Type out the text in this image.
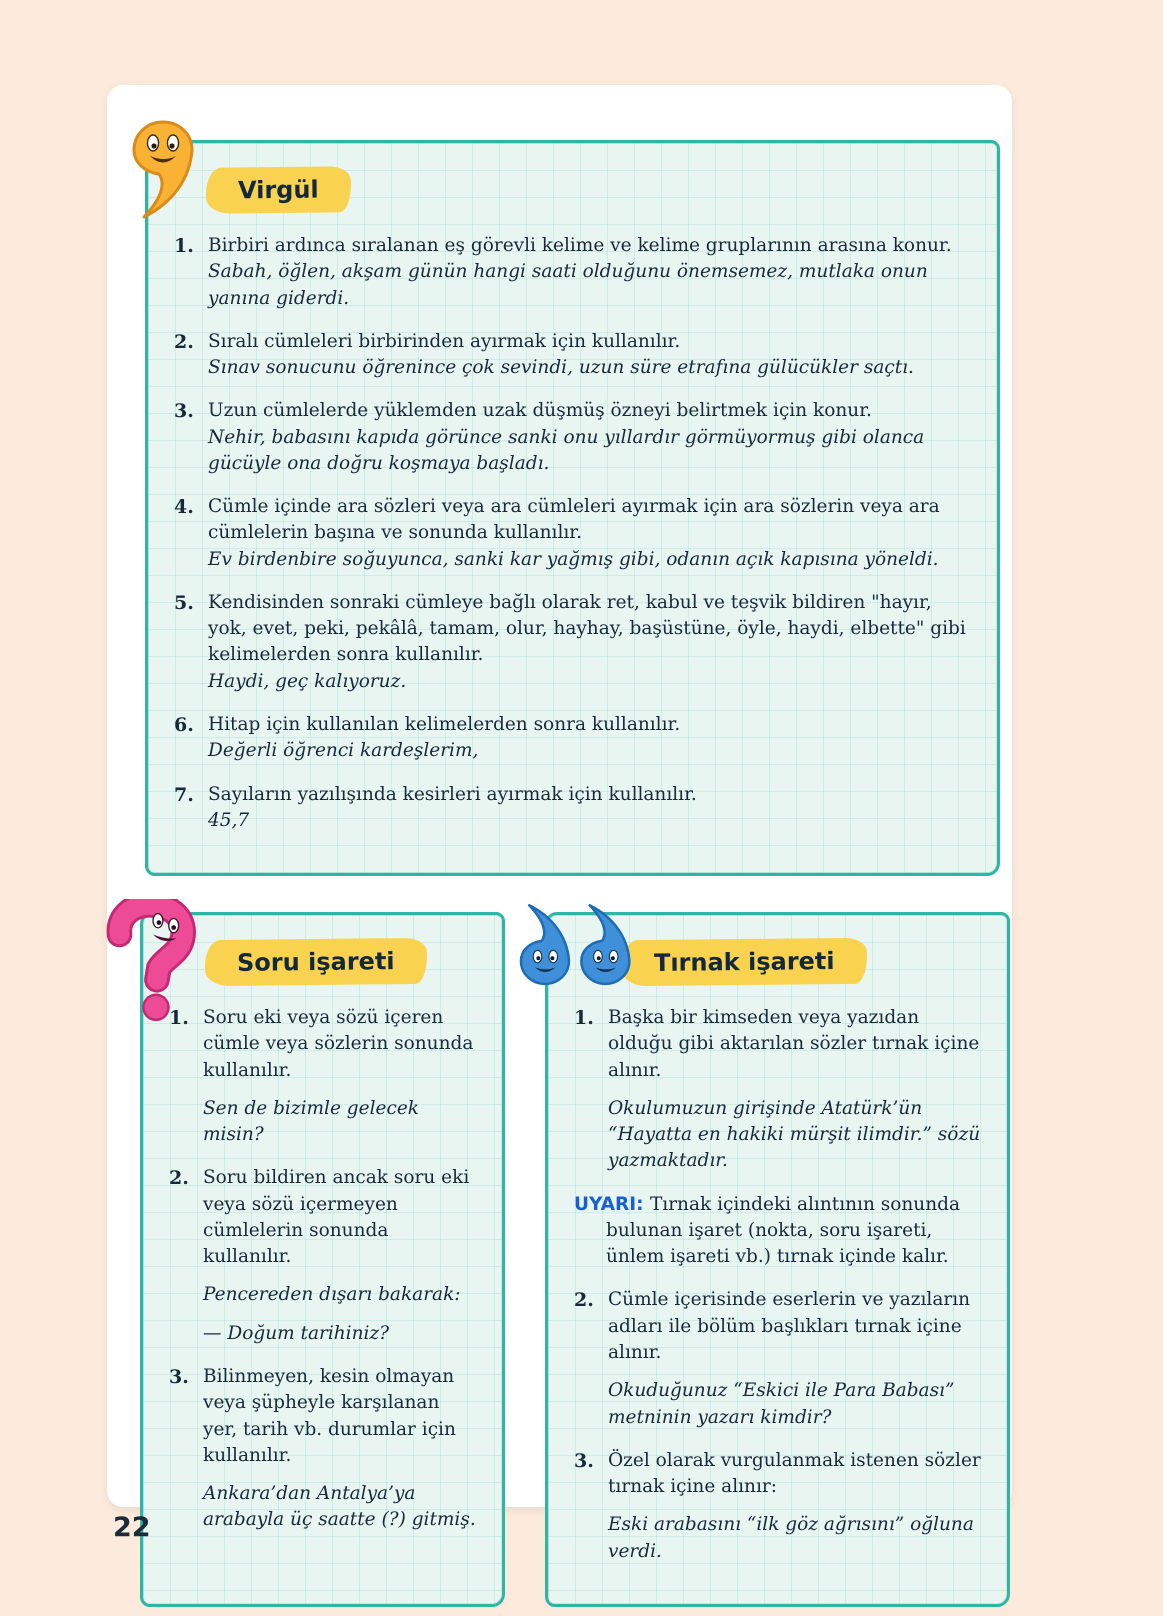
Virgül
1. Birbiri ardınca sıralanan eş görevli kelime ve kelime gruplarının arasına konur.
Sabah, öğlen, akşam günün hangi saati olduğunu önemsemez, mutlaka onun yanına giderdi.
2. Sıralı cümleleri birbirinden ayırmak için kullanılır.
Sınav sonucunu öğrenince çok sevindi, uzun süre etrafına gülücükler saçtı.
3. Uzun cümlelerde yüklemden uzak düşmüş özneyi belirtmek için konur.
Nehir, babasını kapıda görünce sanki onu yıllardır görmüyormuş gibi olanca gücüyle ona doğru koşmaya başladı.
4. Cümle içinde ara sözleri veya ara cümleleri ayırmak için ara sözlerin veya ara cümlelerin başına ve sonunda kullanılır.
Ev birdenbire soğuyunca, sanki kar yağmış gibi, odanın açık kapısına yöneldi.
5. Kendisinden sonraki cümleye bağlı olarak ret, kabul ve teşvik bildiren "hayır, yok, evet, peki, pekâlâ, tamam, olur, hayhay, başüstüne, öyle, haydi, elbette" gibi kelimelerden sonra kullanılır.
Haydi, geç kalıyoruz.
6. Hitap için kullanılan kelimelerden sonra kullanılır.
Değerli öğrenci kardeşlerim,
7. Sayıların yazılışında kesirleri ayırmak için kullanılır.
45,7
Soru işareti
1. Soru eki veya sözü içeren cümle veya sözlerin sonunda kullanılır.
Sen de bizimle gelecek misin?
2. Soru bildiren ancak soru eki veya sözü içermeyen cümlelerin sonunda kullanılır.
Pencereden dışarı bakarak:
— Doğum tarihiniz?
3. Bilinmeyen, kesin olmayan veya şüpheyle karşılanan yer, tarih vb. durumlar için kullanılır.
Ankara’dan Antalya’ya arabayla üç saatte (?) gitmiş.
Tırnak işareti
1. Başka bir kimseden veya yazıdan olduğu gibi aktarılan sözler tırnak içine alınır.
Okulumuzun girişinde Atatürk’ün “Hayatta en hakiki mürşit ilimdir.” sözü yazmaktadır.
UYARI: Tırnak içindeki alıntının sonunda bulunan işaret (nokta, soru işareti, ünlem işareti vb.) tırnak içinde kalır.
2. Cümle içerisinde eserlerin ve yazıların adları ile bölüm başlıkları tırnak içine alınır.
Okuduğunuz “Eskici ile Para Babası” metninin yazarı kimdir?
3. Özel olarak vurgulanmak istenen sözler tırnak içine alınır:
Eski arabasını “ilk göz ağrısını” oğluna verdi.
22
